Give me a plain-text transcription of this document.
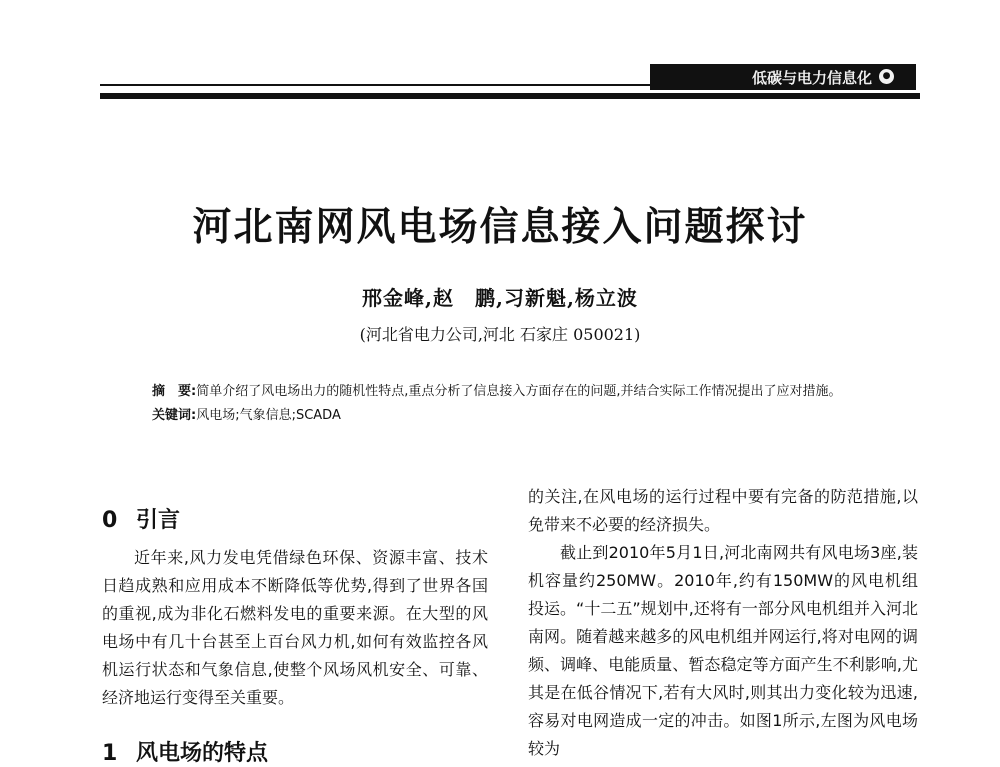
低碳与电力信息化	●
河北南网风电场信息接入问题探讨
邢金峰,赵　鹏,习新魁,杨立波
(河北省电力公司,河北 石家庄 050021)
摘　要:简单介绍了风电场出力的随机性特点,重点分析了信息接入方面存在的问题,并结合实际工作情况提出了应对措施。
关键词:风电场;气象信息;SCADA
0 引言
近年来,风力发电凭借绿色环保、资源丰富、技术日趋成熟和应用成本不断降低等优势,得到了世界各国的重视,成为非化石燃料发电的重要来源。在大型的风电场中有几十台甚至上百台风力机,如何有效监控各风机运行状态和气象信息,使整个风场风机安全、可靠、经济地运行变得至关重要。
1 风电场的特点
的关注,在风电场的运行过程中要有完备的防范措施,以免带来不必要的经济损失。
截止到2010年5月1日,河北南网共有风电场3座,装机容量约250MW。2010年,约有150MW的风电机组投运。“十二五”规划中,还将有一部分风电机组并入河北南网。随着越来越多的风电机组并网运行,将对电网的调频、调峰、电能质量、暂态稳定等方面产生不利影响,尤其是在低谷情况下,若有大风时,则其出力变化较为迅速,容易对电网造成一定的冲击。如图1所示,左图为风电场较为
